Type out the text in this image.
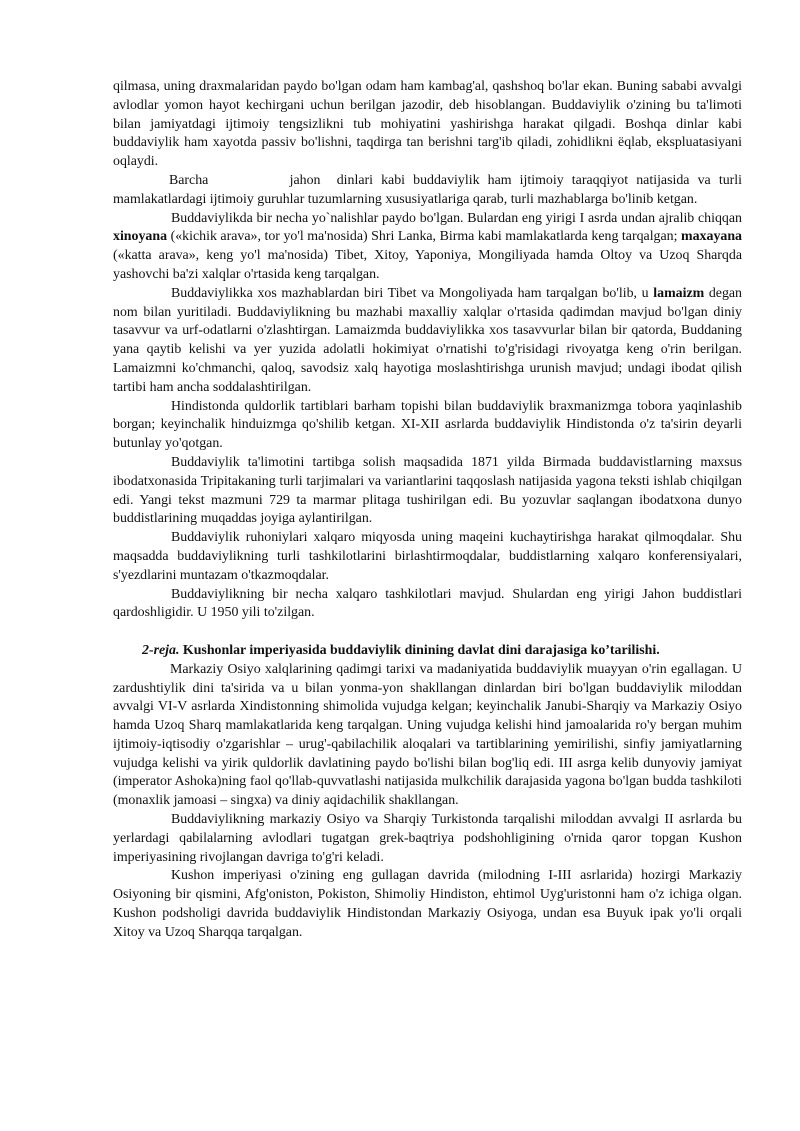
qilmasa, uning draxmalaridan paydo bo'lgan odam ham kambag'al, qashshoq bo'lar ekan. Buning sababi avvalgi avlodlar yomon hayot kechirgani uchun berilgan jazodir, deb hisoblangan. Buddaviylik o'zining bu ta'limoti bilan jamiyatdagi ijtimoiy tengsizlikni tub mohiyatini yashirishga harakat qilgadi. Boshqa dinlar kabi buddaviylik ham xayotda passiv bo'lishni, taqdirga tan berishni targ'ib qiladi, zohidlikni ëqlab, ekspluatasiyani oqlaydi.

Barcha          jahon  dinlari kabi buddaviylik ham ijtimoiy taraqqiyot natijasida va turli mamlakatlardagi ijtimoiy guruhlar tuzumlarning xususiyatlariga qarab, turli mazhablarga bo'linib ketgan.

Buddaviylikda bir necha yo`nalishlar paydo bo'lgan. Bulardan eng yirigi I asrda undan ajralib chiqqan xinoyana («kichik arava», tor yo'l ma'nosida) Shri Lanka, Birma kabi mamlakatlarda keng tarqalgan; maxayana («katta arava», keng yo'l ma'nosida) Tibet, Xitoy, Yaponiya, Mongiliyada hamda Oltoy va Uzoq Sharqda yashovchi ba'zi xalqlar o'rtasida keng tarqalgan.

Buddaviylikka xos mazhablardan biri Tibet va Mongoliyada ham tarqalgan bo'lib, u lamaizm degan nom bilan yuritiladi. Buddaviylikning bu mazhabi maxalliy xalqlar o'rtasida qadimdan mavjud bo'lgan diniy tasavvur va urf-odatlarni o'zlashtirgan. Lamaizmda buddaviylikka xos tasavvurlar bilan bir qatorda, Buddaning yana qaytib kelishi va yer yuzida adolatli hokimiyat o'rnatishi to'g'risidagi rivoyatga keng o'rin berilgan. Lamaizmni ko'chmanchi, qaloq, savodsiz xalq hayotiga moslashtirishga urunish mavjud; undagi ibodat qilish tartibi ham ancha soddalashtirilgan.

Hindistonda quldorlik tartiblari barham topishi bilan buddaviylik braxmanizmga tobora yaqinlashib borgan; keyinchalik hinduizmga qo'shilib ketgan. XI-XII asrlarda buddaviylik Hindistonda o'z ta'sirin deyarli butunlay yo'qotgan.

Buddaviylik ta'limotini tartibga solish maqsadida 1871 yilda Birmada buddavistlarning maxsus ibodatxonasida Tripitakaning turli tarjimalari va variantlarini taqqoslash natijasida yagona teksti ishlab chiqilgan edi. Yangi tekst mazmuni 729 ta marmar plitaga tushirilgan edi. Bu yozuvlar saqlangan ibodatxona dunyo buddistlarining muqaddas joyiga aylantirilgan.

Buddaviylik ruhoniylari xalqaro miqyosda uning maqeini kuchaytirishga harakat qilmoqdalar. Shu maqsadda buddaviylikning turli tashkilotlarini birlashtirmoqdalar, buddistlarning xalqaro konferensiyalari, s'yezdlarini muntazam o'tkazmoqdalar.

Buddaviylikning bir necha xalqaro tashkilotlari mavjud. Shulardan eng yirigi Jahon buddistlari qardoshligidir. U 1950 yili to'zilgan.

2-reja. Kushonlar imperiyasida buddaviylik dinining davlat dini darajasiga ko’tarilishi.

Markaziy Osiyo xalqlarining qadimgi tarixi va madaniyatida buddaviylik muayyan o'rin egallagan. U zardushtiylik dini ta'sirida va u bilan yonma-yon shakllangan dinlardan biri bo'lgan buddaviylik miloddan avvalgi VI-V asrlarda Xindistonning shimolida vujudga kelgan; keyinchalik Janubi-Sharqiy va Markaziy Osiyo hamda Uzoq Sharq mamlakatlarida keng tarqalgan. Uning vujudga kelishi hind jamoalarida ro'y bergan muhim ijtimoiy-iqtisodiy o'zgarishlar – urug'-qabilachilik aloqalari va tartiblarining yemirilishi, sinfiy jamiyatlarning vujudga kelishi va yirik quldorlik davlatining paydo bo'lishi bilan bog'liq edi. III asrga kelib dunyoviy jamiyat (imperator Ashoka)ning faol qo'llab-quvvatlashi natijasida mulkchilik darajasida yagona bo'lgan budda tashkiloti (monaxlik jamoasi – singxa) va diniy aqidachilik shakllangan.

Buddaviylikning markaziy Osiyo va Sharqiy Turkistonda tarqalishi miloddan avvalgi II asrlarda bu yerlardagi qabilalarning avlodlari tugatgan grek-baqtriya podshohligining o'rnida qaror topgan Kushon imperiyasining rivojlangan davriga to'g'ri keladi.

Kushon imperiyasi o'zining eng gullagan davrida (milodning I-III asrlarida) hozirgi Markaziy Osiyoning bir qismini, Afg'oniston, Pokiston, Shimoliy Hindiston, ehtimol Uyg'uristonni ham o'z ichiga olgan. Kushon podsholigi davrida buddaviylik Hindistondan Markaziy Osiyoga, undan esa Buyuk ipak yo'li orqali Xitoy va Uzoq Sharqqa tarqalgan.
